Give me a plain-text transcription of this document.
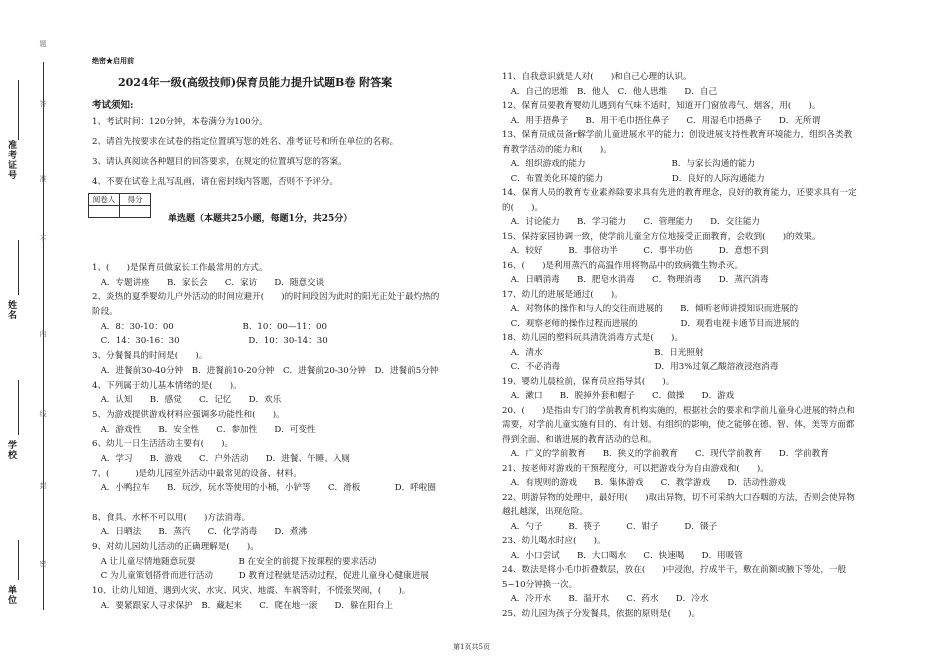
题
答
准
不
内
线
封
密
准考证号
姓名
学校
单位
绝密★启用前
2024年一级(高级技师)保育员能力提升试题B卷 附答案
考试须知:
1、考试时间：120分钟，本卷满分为100分。
2、请首先按要求在试卷的指定位置填写您的姓名、准考证号和所在单位的名称。
3、请认真阅读各种题目的回答要求，在规定的位置填写您的答案。
4、不要在试卷上乱写乱画，请在密封线内答题，否则不予评分。
阅卷人	得分

单选题（本题共25小题，每题1分，共25分）
1、(　　)是保育员做家长工作最常用的方式。
　A．专题讲座　　B．家长会　　C．家访　　D．随意交谈
2、炎热的夏季婴幼儿户外活动的时间应避开(　　)的时间段因为此时的阳光正处于最灼热的
阶段。
　A．8：30-10：00　　　　　　　　B．10：00—11：00
　C．14：30-16：30　　　　　　　　D．10：30-14：30
3、分餐餐具的时间是(　　)。
　A．进餐前30-40分钟　B．进餐前10-20分钟　C．进餐前20-30分钟　D．进餐前5分钟
4、下列属于幼儿基本情绪的是(　　)。
　A．认知　　B．感觉　　C．记忆　　D．欢乐
5、为游戏提供游戏材料应强调多功能性和(　　)。
　A．游戏性　　B．安全性　　C．参加性　　D．可变性
6、幼儿一日生活活动主要有(　　)。
　A．学习　　B．游戏　　C．户外活动　　D．进餐、午睡、入厕
7、(　　　)是幼儿园室外活动中最常见的设备、材料。
　A．小鸭拉车　　B．玩沙，玩水等使用的小桶，小铲等　　C．滑板　　　　D．呼啦圈
8、食具、水杯不可以用(　　)方法消毒。
　A．日晒法　　B．蒸汽　　C．化学消毒　　D．煮沸
9、对幼儿园幼儿活动的正确理解是(　　)。
　A 让儿童尽情地随意玩耍　　　　　B 在安全的前提下按课程的要求活动
　C 为儿童策划搭骨而进行活动　　　D 教育过程就是活动过程，促进儿童身心健康进展
10、让幼儿知道，遇到火灾、水灾、风灾、地震、车祸等时，不慌张哭闹，(　　)。
　A．要紧跟家人寻求保护　B．藏起来　　C．爬在地一滚　　D．躲在阳台上
11、自我意识就是人对(　　)和自己心理的认识。
　A．自己的思维　B．他人　C．他人思维　　D．自己
12、保育员要教育婴幼儿遇到有气味不适时，知道开门窗放毒气、烟客，用(　　)。
　A．用手捂鼻子　　B．用干毛巾捂住鼻子　　C．用湿毛巾捂鼻子　　D．无所谓
13、保育员成员备r解学前儿童进展水平的能力；创设进展支持性教育环境能力，组织各类教
育教学活动的能力和(　　)。
　A．组织游戏的能力　　　　　　　　　　B．与家长沟通的能力
　C．布置美化环境的能力　　　　　　　　D．良好的人际沟通能力
14、保育人员的教育专业素养除要求具有先进的教育理念，良好的教育能力，还要求具有一定
的(　　)。
　A．讨论能力　　B．学习能力　　C．管理能力　　D．交往能力
15、保持家园协调一致，使学前儿童全方位地接受正面教育，会收到(　　)的效果。
　A．较好　　　B．事倍功半　　　C．事半功倍　　　D．意想不到
16、(　　)是利用蒸汽的高温作用将物品中的致病微生物杀灭。
　A．日晒消毒　　B．肥皂水消毒　　C．物理消毒　　D．蒸汽消毒
17、幼儿的进展是通过(　　)。
　A．对物体的操作和与人的交往而进展的　　B．倾听老师讲授知识而进展的
　C．观察老师的操作过程而进展的　　　　　D．观看电视卡通节目而进展的
18、幼儿园的塑料玩具清洗消毒方式是(　　)。
　A．清水　　　　　　　　　　　　　B．日光照射
　C．不必消毒　　　　　　　　　　　D．用3%过氧乙酸溶液浸泡消毒
19、婴幼儿晨检前，保育员应指导其(　　)。
　A．漱口　　B．脱掉外套和帽子　　C．做操　　D．游戏
20、(　　)是指由专门的学前教育机构实施的，根据社会的要求和学前儿童身心进展的特点和
需要，对学前儿童实施有目的、有计划、有组织的影响，使之能够在德、智、体，美等方面都
得到全面、和谐进展的教育活动的总和。
　A．广义的学前教育　　B．狭义的学前教育　　C．现代学前教育　　D．学前教育
21、按老师对游戏的干预程度分，可以把游戏分为自由游戏和(　　)。
　A．有规则的游戏　　B．集体游戏　　C．教学游戏　　D．活动性游戏
22、明游异物的处理中，最好用(　　)取出异物，切不可采纳大口吞咽的方法，否则会使异物
越扎越深，出现危险。
　A．勺子　　　B．筷子　　　C．钳子　　　D．镊子
23、幼儿喝水时应(　　)。
　A．小口尝试　　B．大口喝水　　C．快速喝　　D．用吸管
24、数法是将小毛巾折叠数层，放在(　　)中浸泡，拧成半干，敷在前额或腋下等处，一般
5~10分钟换一次。
　A．冷开水　　B．温开水　　C．药水　　D．冷水
25、幼儿园为孩子分发餐具，依据的原则是(　　)。
第1页共5页
